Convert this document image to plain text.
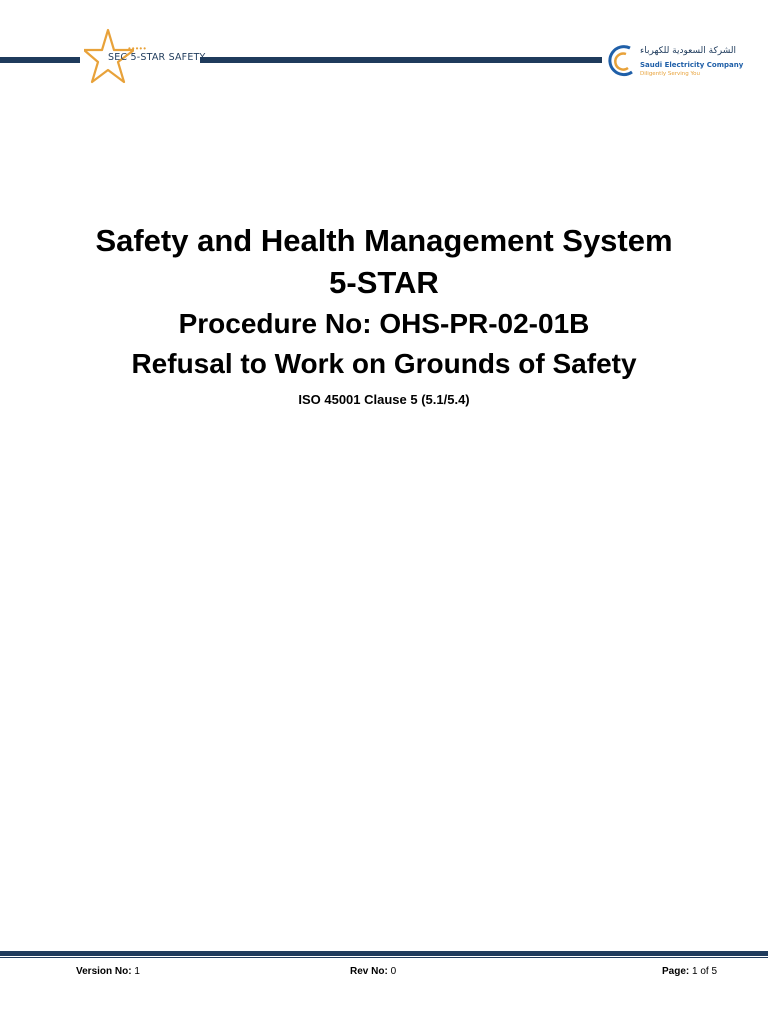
•••••
SEC 5-STAR SAFETY
الشركة السعودية للكهرباء
Saudi Electricity Company
Diligently Serving You
Safety and Health Management System
5-STAR
Procedure No: OHS-PR-02-01B
Refusal to Work on Grounds of Safety
ISO 45001 Clause 5 (5.1/5.4)
Version No: 1	Rev No: 0	Page: 1 of 5
